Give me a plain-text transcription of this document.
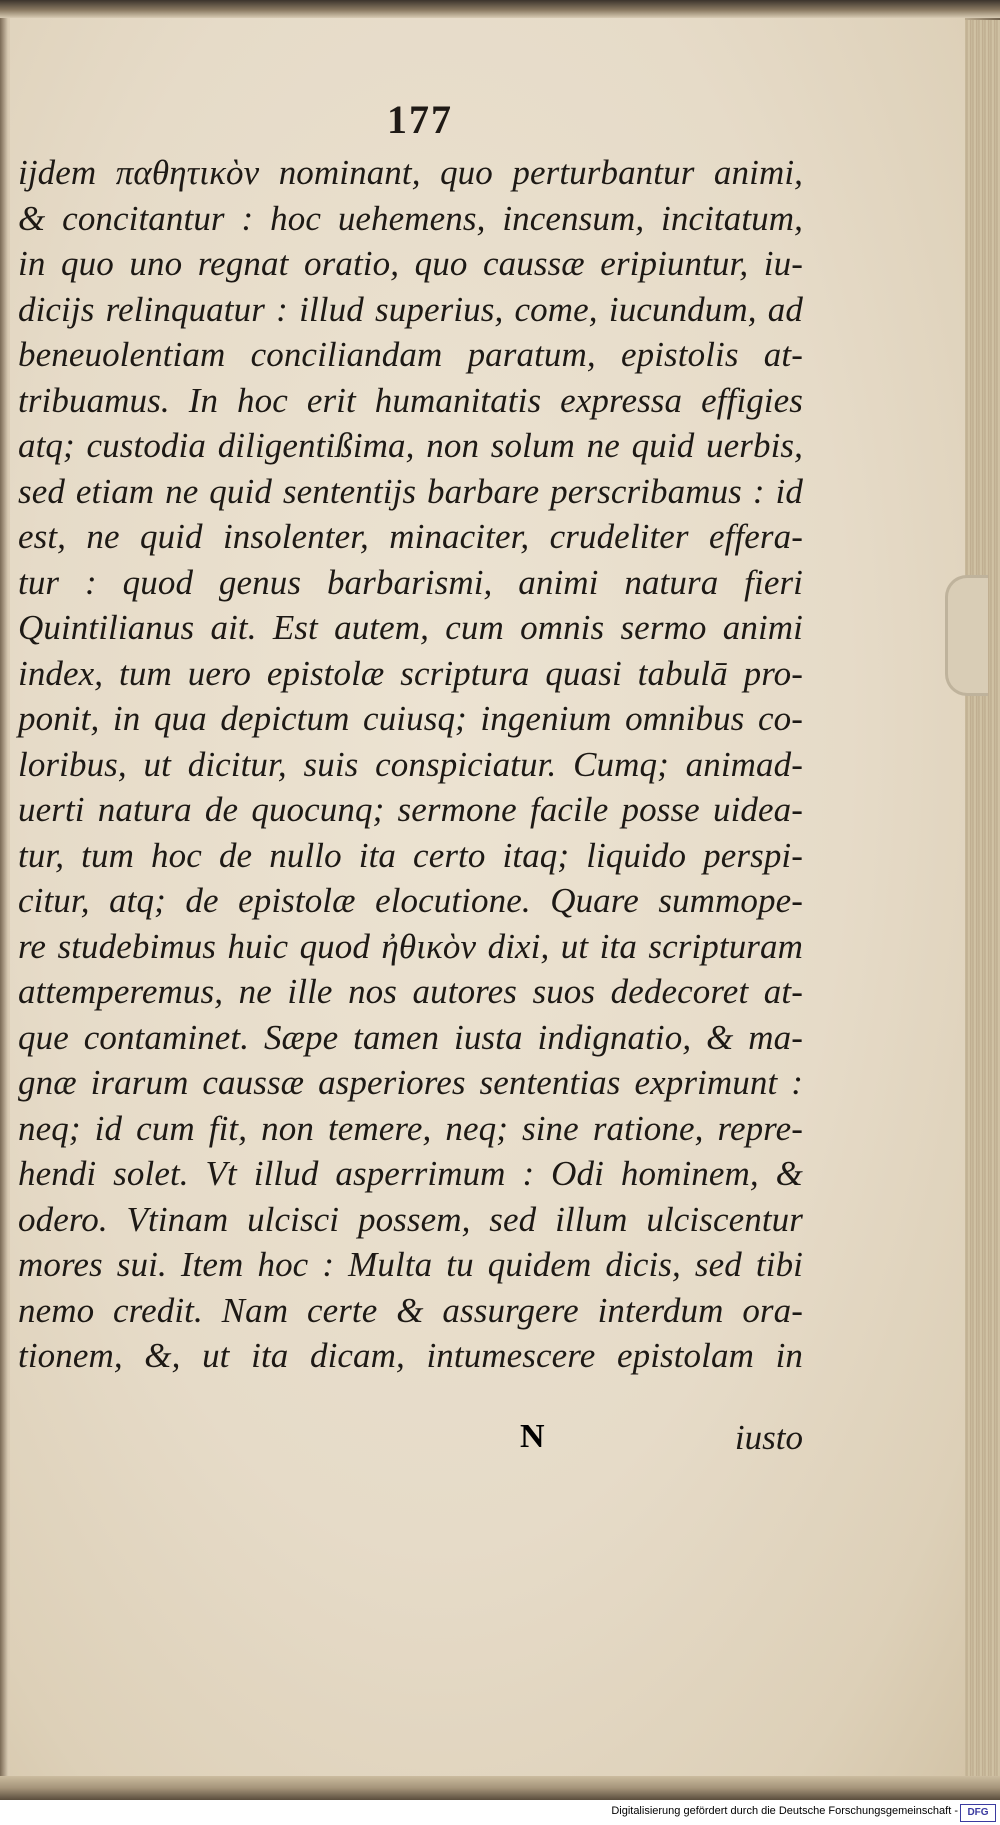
177
ijdem παθητικὸν nominant, quo perturbantur animi,
& concitantur : hoc uehemens, incensum, incitatum,
in quo uno regnat oratio, quo caussæ eripiuntur, iu-
dicijs relinquatur : illud superius, come, iucundum, ad
beneuolentiam conciliandam paratum, epistolis at-
tribuamus. In hoc erit humanitatis expressa effigies
atq; custodia diligentißima, non solum ne quid uerbis,
sed etiam ne quid sententijs barbare perscribamus : id
est, ne quid insolenter, minaciter, crudeliter effera-
tur : quod genus barbarismi, animi natura fieri
Quintilianus ait. Est autem, cum omnis sermo animi
index, tum uero epistolæ scriptura quasi tabulā pro-
ponit, in qua depictum cuiusq; ingenium omnibus co-
loribus, ut dicitur, suis conspiciatur. Cumq; animad-
uerti natura de quocunq; sermone facile posse uidea-
tur, tum hoc de nullo ita certo itaq; liquido perspi-
citur, atq; de epistolæ elocutione. Quare summope-
re studebimus huic quod ἠθικὸν dixi, ut ita scripturam
attemperemus, ne ille nos autores suos dedecoret at-
que contaminet. Sæpe tamen iusta indignatio, & ma-
gnæ irarum caussæ asperiores sententias exprimunt :
neq; id cum fit, non temere, neq; sine ratione, repre-
hendi solet. Vt illud asperrimum : Odi hominem, &
odero. Vtinam ulcisci possem, sed illum ulciscentur
mores sui. Item hoc : Multa tu quidem dicis, sed tibi
nemo credit. Nam certe & assurgere interdum ora-
tionem, &, ut ita dicam, intumescere epistolam in
iusto
N
Digitalisierung gefördert durch die Deutsche Forschungsgemeinschaft - DFG
